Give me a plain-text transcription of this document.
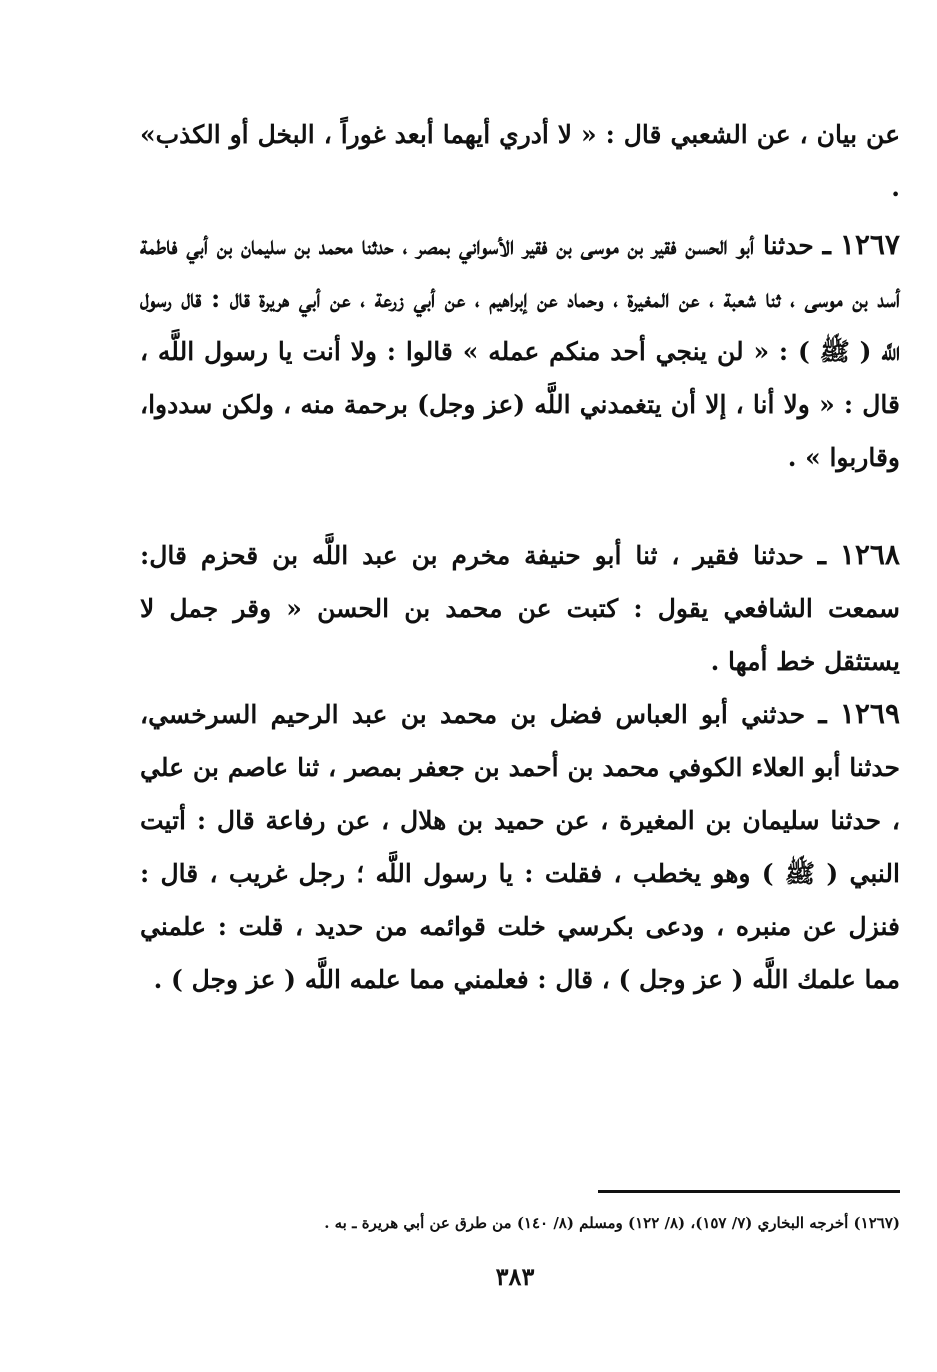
عن بيان ، عن الشعبي قال : « لا أدري أيهما أبعد غوراً ، البخل أو الكذب» .

١٢٦٧ ـ حدثنا أبو الحسن فقير بن موسى بن فقير الأسواني بمصر ، حدثنا محمد بن سليمان بن أبي فاطمة أسد بن موسى ، ثنا شعبة ، عن المغيرة ، وحماد عن إبراهيم ، عن أبي زرعة ، عن أبي هريرة قال : قال رسول اللَّه ( ﷺ ) : « لن ينجي أحد منكم عمله » قالوا : ولا أنت يا رسول اللَّه ، قال : « ولا أنا ، إلا أن يتغمدني اللَّه (عز وجل) برحمة منه ، ولكن سددوا، وقاربوا » .

١٢٦٨ ـ حدثنا فقير ، ثنا أبو حنيفة مخرم بن عبد اللَّه بن قحزم قال: سمعت الشافعي يقول : كتبت عن محمد بن الحسن « وقر جمل لا يستثقل خط أمها .

١٢٦٩ ـ حدثني أبو العباس فضل بن محمد بن عبد الرحيم السرخسي، حدثنا أبو العلاء الكوفي محمد بن أحمد بن جعفر بمصر ، ثنا عاصم بن علي ، حدثنا سليمان بن المغيرة ، عن حميد بن هلال ، عن رفاعة قال : أتيت النبي ( ﷺ ) وهو يخطب ، فقلت : يا رسول اللَّه ؛ رجل غريب ، قال : فنزل عن منبره ، ودعى بكرسي خلت قوائمه من حديد ، قلت : علمني مما علمك اللَّه ( عز وجل ) ، قال : فعلمني مما علمه اللَّه ( عز وجل ) .

(١٢٦٧) أخرجه البخاري (٧/ ١٥٧)، (٨/ ١٢٢) ومسلم (٨/ ١٤٠) من طرق عن أبي هريرة ـ به .

٣٨٣
